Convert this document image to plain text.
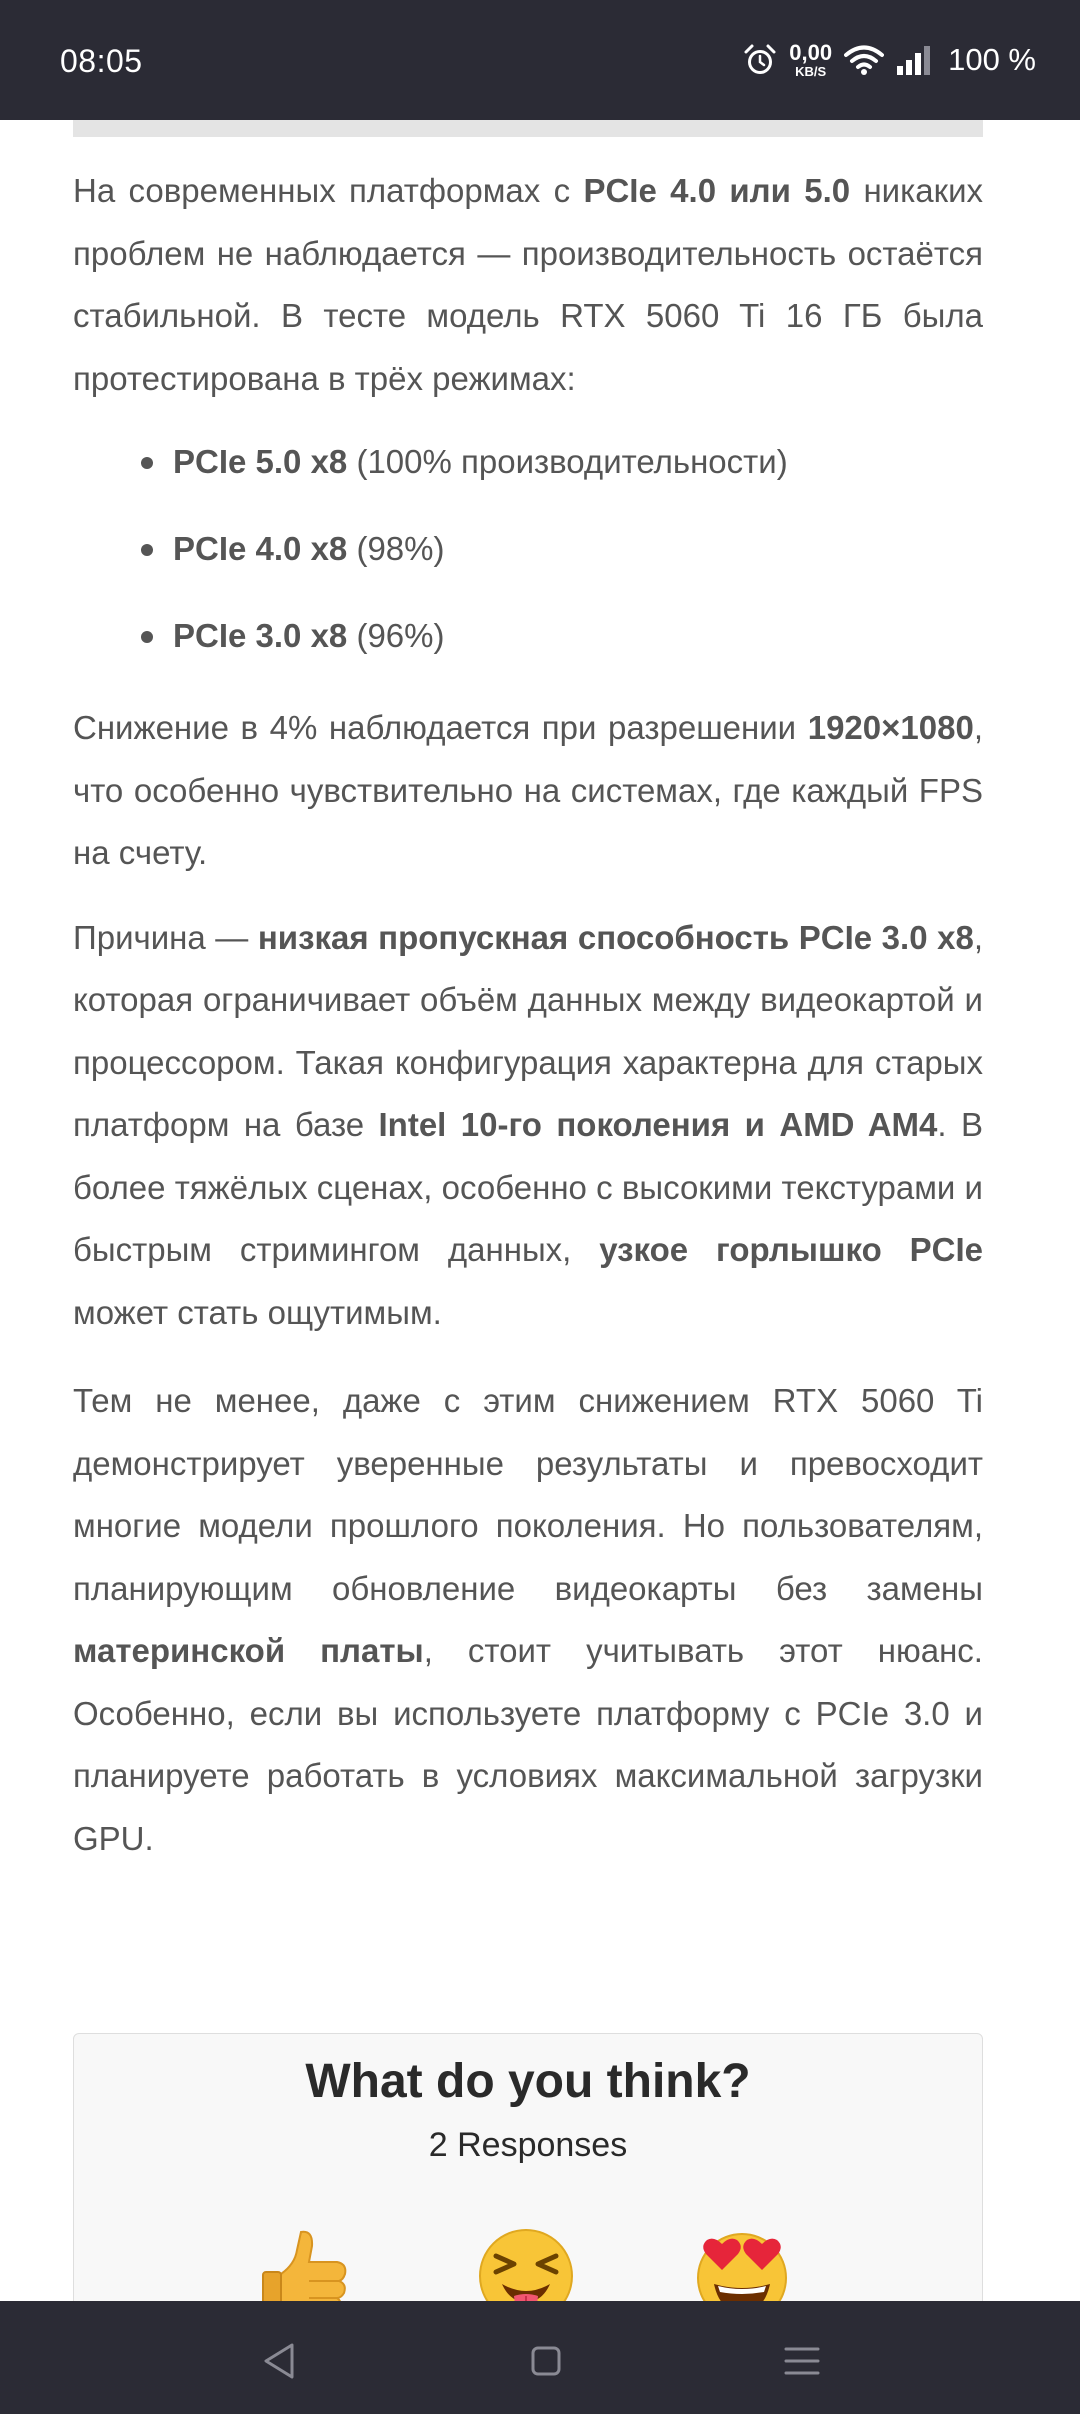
08:05	0,00
KB/S	100 %

На современных платформах с PCIe 4.0 или 5.0 никаких проблем не наблюдается — производительность остаётся стабильной. В тесте модель RTX 5060 Ti 16 ГБ была протестирована в трёх режимах:

PCIe 5.0 x8 (100% производительности)
PCIe 4.0 x8 (98%)
PCIe 3.0 x8 (96%)

Снижение в 4% наблюдается при разрешении 1920×1080, что особенно чувствительно на системах, где каждый FPS на счету.

Причина — низкая пропускная способность PCIe 3.0 x8, которая ограничивает объём данных между видеокартой и процессором. Такая конфигурация характерна для старых платформ на базе Intel 10-го поколения и AMD AM4. В более тяжёлых сценах, особенно с высокими текстурами и быстрым стримингом данных, узкое горлышко PCIe может стать ощутимым.

Тем не менее, даже с этим снижением RTX 5060 Ti демонстрирует уверенные результаты и превосходит многие модели прошлого поколения. Но пользователям, планирующим обновление видеокарты без замены материнской платы, стоит учитывать этот нюанс. Особенно, если вы используете платформу с PCIe 3.0 и планируете работать в условиях максимальной загрузки GPU.

What do you think?
2 Responses
